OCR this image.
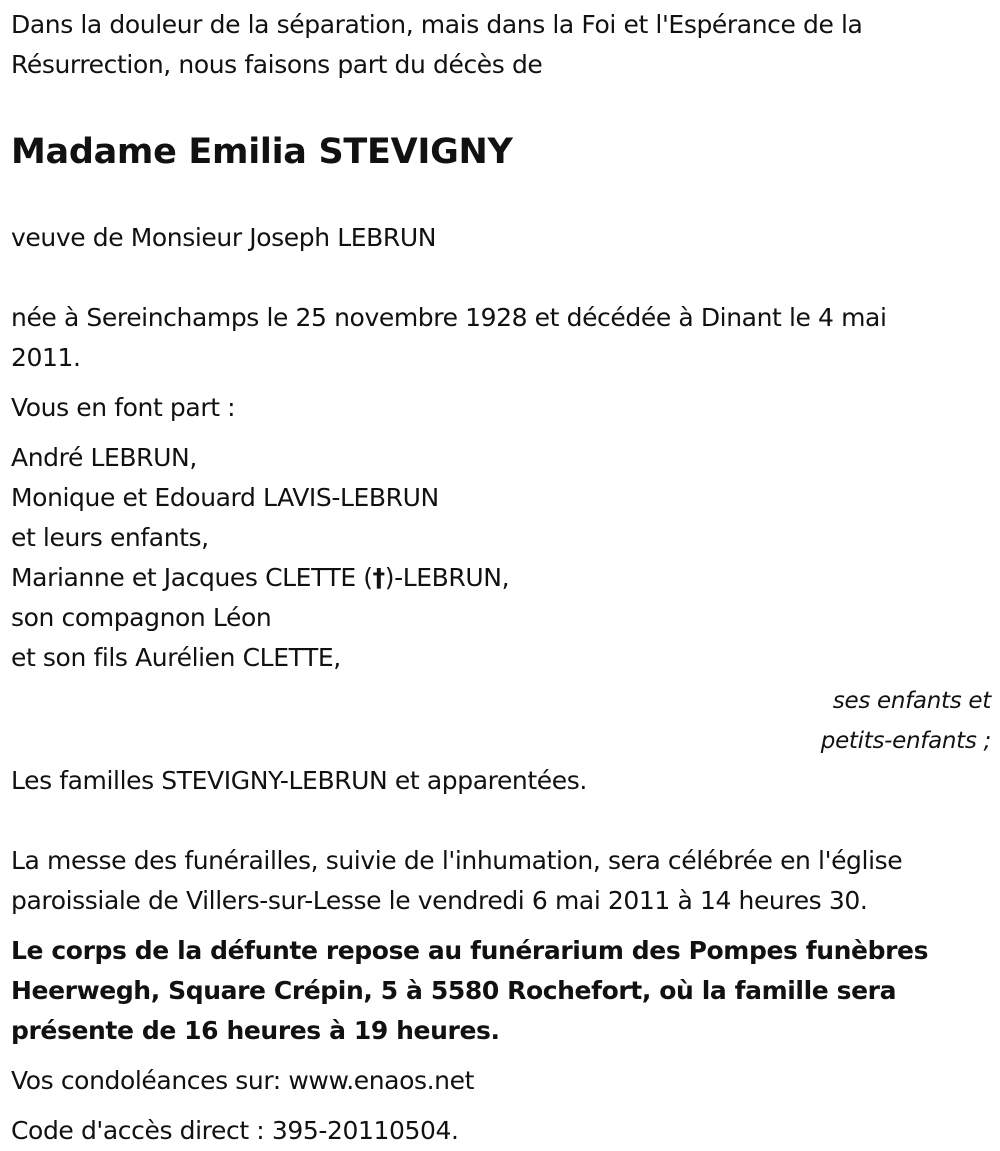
Dans la douleur de la séparation, mais dans la Foi et l'Espérance de la

Résurrection, nous faisons part du décès de

Madame Emilia STEVIGNY

veuve de Monsieur Joseph LEBRUN

née à Sereinchamps le 25 novembre 1928 et décédée à Dinant le 4 mai

2011.

Vous en font part :

André LEBRUN,

Monique et Edouard LAVIS-LEBRUN

et leurs enfants,

Marianne et Jacques CLETTE (†)-LEBRUN,

son compagnon Léon

et son fils Aurélien CLETTE,

ses enfants et

petits-enfants ;

Les familles STEVIGNY-LEBRUN et apparentées.

La messe des funérailles, suivie de l'inhumation, sera célébrée en l'église

paroissiale de Villers-sur-Lesse le vendredi 6 mai 2011 à 14 heures 30.

Le corps de la défunte repose au funérarium des Pompes funèbres
Heerwegh, Square Crépin, 5 à 5580 Rochefort, où la famille sera
présente de 16 heures à 19 heures.

Vos condoléances sur: www.enaos.net

Code d'accès direct : 395-20110504.
